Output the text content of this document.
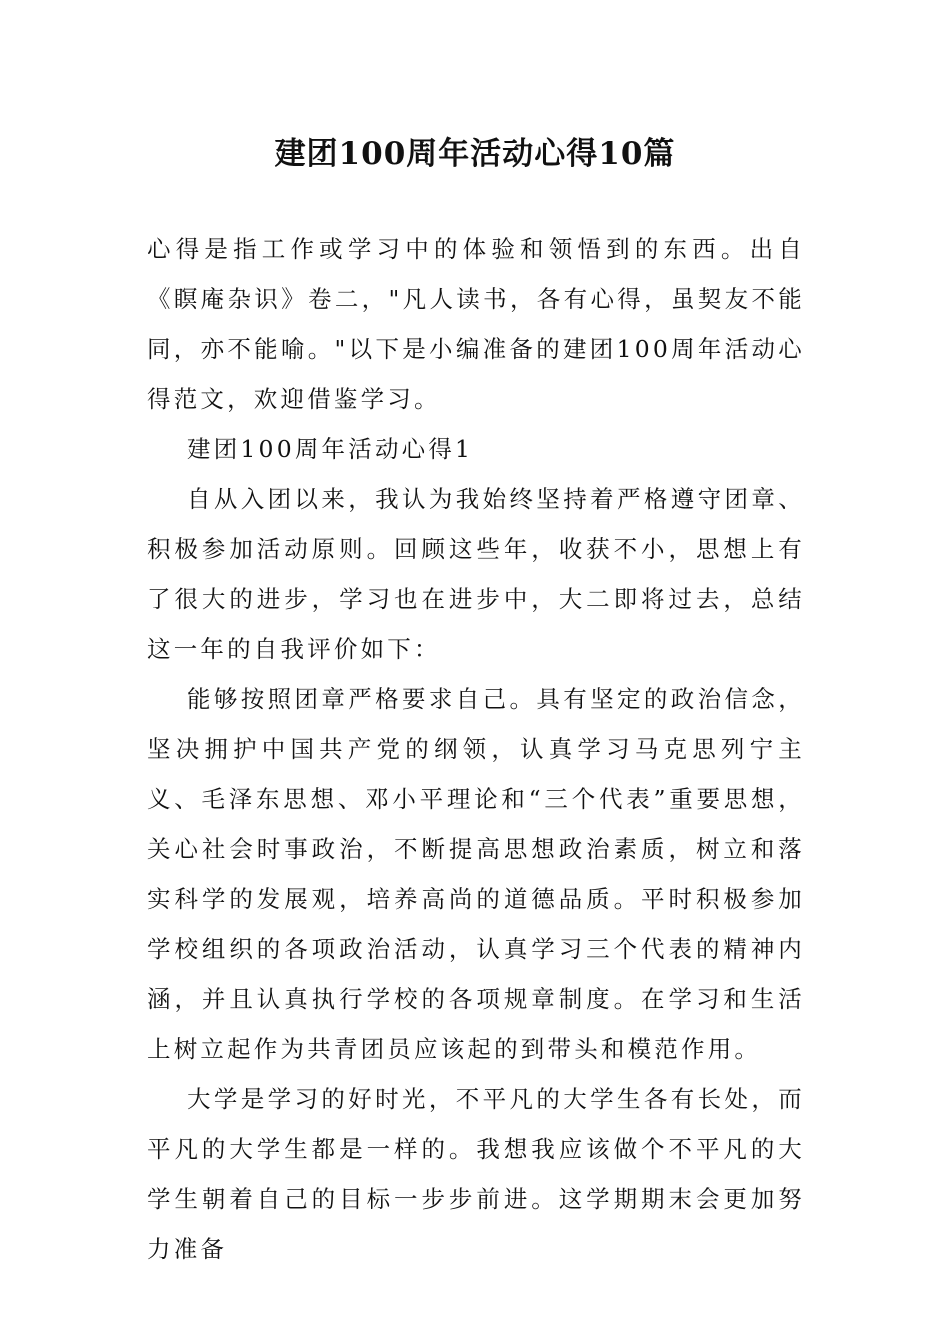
建团100周年活动心得10篇

心得是指工作或学习中的体验和领悟到的东西。出自《瞑庵杂识》卷二，"凡人读书，各有心得，虽契友不能同，亦不能喻。"以下是小编准备的建团100周年活动心得范文，欢迎借鉴学习。

建团100周年活动心得1

自从入团以来，我认为我始终坚持着严格遵守团章、积极参加活动原则。回顾这些年，收获不小，思想上有了很大的进步，学习也在进步中，大二即将过去，总结这一年的自我评价如下：

能够按照团章严格要求自己。具有坚定的政治信念，坚决拥护中国共产党的纲领，认真学习马克思列宁主义、毛泽东思想、邓小平理论和“三个代表”重要思想，关心社会时事政治，不断提高思想政治素质，树立和落实科学的发展观，培养高尚的道德品质。平时积极参加学校组织的各项政治活动，认真学习三个代表的精神内涵，并且认真执行学校的各项规章制度。在学习和生活上树立起作为共青团员应该起的到带头和模范作用。

大学是学习的好时光，不平凡的大学生各有长处，而平凡的大学生都是一样的。我想我应该做个不平凡的大学生朝着自己的目标一步步前进。这学期期末会更加努力准备
